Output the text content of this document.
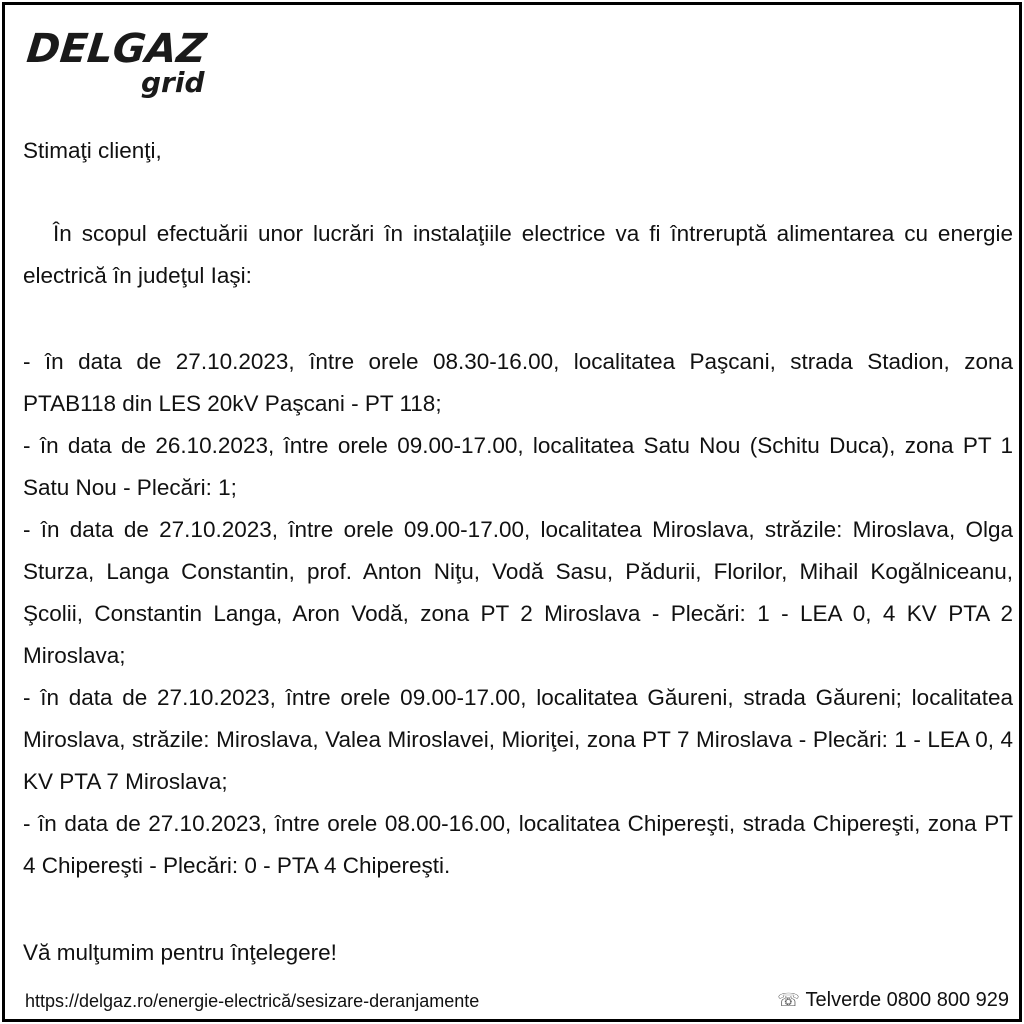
DELGAZ
grid
Stimaţi clienţi,
În scopul efectuării unor lucrări în instalaţiile electrice va fi întreruptă alimentarea cu energie electrică în judeţul Iaşi:

- în data de 27.10.2023, între orele 08.30-16.00, localitatea Paşcani, strada Stadion, zona PTAB118 din LES 20kV Paşcani - PT 118;

- în data de 26.10.2023, între orele 09.00-17.00, localitatea Satu Nou (Schitu Duca), zona PT 1 Satu Nou - Plecări: 1;

- în data de 27.10.2023, între orele 09.00-17.00, localitatea Miroslava, străzile: Miroslava, Olga Sturza, Langa Constantin, prof. Anton Niţu, Vodă Sasu, Pădurii, Florilor, Mihail Kogălniceanu, Şcolii, Constantin Langa, Aron Vodă, zona PT 2 Miroslava - Plecări: 1 - LEA 0, 4 KV PTA 2 Miroslava;

- în data de 27.10.2023, între orele 09.00-17.00, localitatea Găureni, strada Găureni; localitatea Miroslava, străzile: Miroslava, Valea Miroslavei, Mioriţei, zona PT 7 Miroslava - Plecări: 1 - LEA 0, 4 KV PTA 7 Miroslava;

- în data de 27.10.2023, între orele 08.00-16.00, localitatea Chipereşti, strada Chipereşti, zona PT 4 Chipereşti - Plecări: 0 - PTA 4 Chipereşti.

Vă mulţumim pentru înţelegere!
https://delgaz.ro/energie-electrică/sesizare-deranjamente	☏ Telverde 0800 800 929
